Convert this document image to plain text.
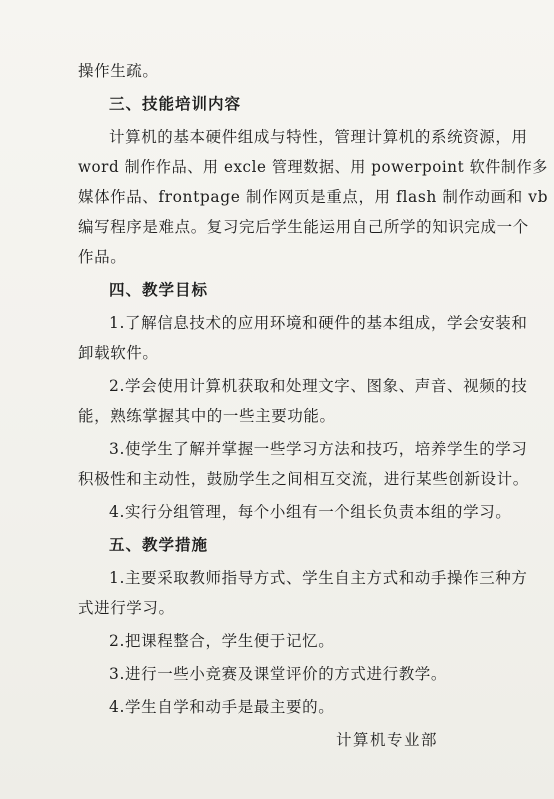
操作生疏。
三、技能培训内容
计算机的基本硬件组成与特性，管理计算机的系统资源，用
word 制作作品、用 excle 管理数据、用 powerpoint 软件制作多
媒体作品、frontpage 制作网页是重点，用 flash 制作动画和 vb
编写程序是难点。复习完后学生能运用自己所学的知识完成一个
作品。
四、教学目标
1.了解信息技术的应用环境和硬件的基本组成，学会安装和
卸载软件。
2.学会使用计算机获取和处理文字、图象、声音、视频的技
能，熟练掌握其中的一些主要功能。
3.使学生了解并掌握一些学习方法和技巧，培养学生的学习
积极性和主动性，鼓励学生之间相互交流，进行某些创新设计。
4.实行分组管理，每个小组有一个组长负责本组的学习。
五、教学措施
1.主要采取教师指导方式、学生自主方式和动手操作三种方
式进行学习。
2.把课程整合，学生便于记忆。
3.进行一些小竞赛及课堂评价的方式进行教学。
4.学生自学和动手是最主要的。
计算机专业部
